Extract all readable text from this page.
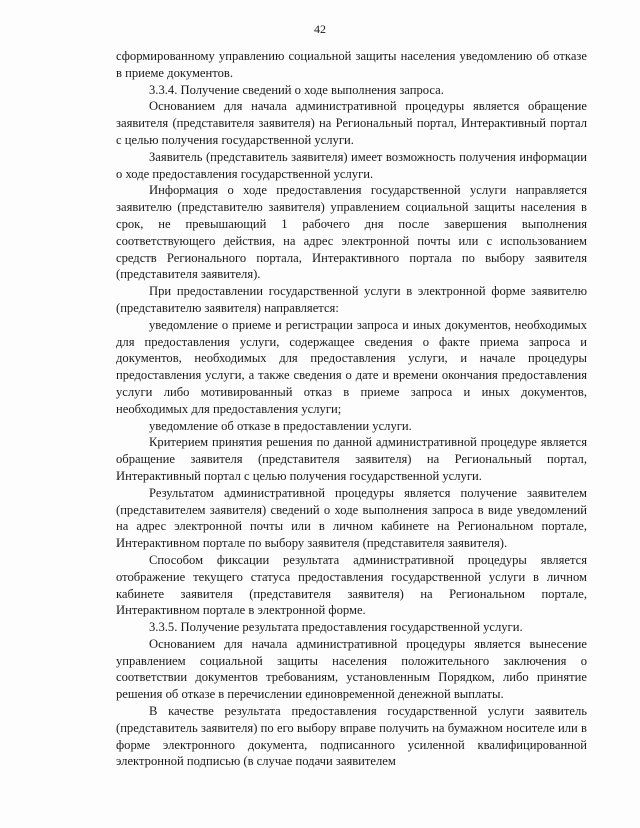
42

сформированному управлению социальной защиты населения уведомлению об отказе в приеме документов.

3.3.4. Получение сведений о ходе выполнения запроса.

Основанием для начала административной процедуры является обращение заявителя (представителя заявителя) на Региональный портал, Интерактивный портал с целью получения государственной услуги.

Заявитель (представитель заявителя) имеет возможность получения информации о ходе предоставления государственной услуги.

Информация о ходе предоставления государственной услуги направляется заявителю (представителю заявителя) управлением социальной защиты населения в срок, не превышающий 1 рабочего дня после завершения выполнения соответствующего действия, на адрес электронной почты или с использованием средств Регионального портала, Интерактивного портала по выбору заявителя (представителя заявителя).

При предоставлении государственной услуги в электронной форме заявителю (представителю заявителя) направляется:

уведомление о приеме и регистрации запроса и иных документов, необходимых для предоставления услуги, содержащее сведения о факте приема запроса и документов, необходимых для предоставления услуги, и начале процедуры предоставления услуги, а также сведения о дате и времени окончания предоставления услуги либо мотивированный отказ в приеме запроса и иных документов, необходимых для предоставления услуги;

уведомление об отказе в предоставлении услуги.

Критерием принятия решения по данной административной процедуре является обращение заявителя (представителя заявителя) на Региональный портал, Интерактивный портал с целью получения государственной услуги.

Результатом административной процедуры является получение заявителем (представителем заявителя) сведений о ходе выполнения запроса в виде уведомлений на адрес электронной почты или в личном кабинете на Региональном портале, Интерактивном портале по выбору заявителя (представителя заявителя).

Способом фиксации результата административной процедуры является отображение текущего статуса предоставления государственной услуги в личном кабинете заявителя (представителя заявителя) на Региональном портале, Интерактивном портале в электронной форме.

3.3.5. Получение результата предоставления государственной услуги.

Основанием для начала административной процедуры является вынесение управлением социальной защиты населения положительного заключения о соответствии документов требованиям, установленным Порядком, либо принятие решения об отказе в перечислении единовременной денежной выплаты.

В качестве результата предоставления государственной услуги заявитель (представитель заявителя) по его выбору вправе получить на бумажном носителе или в форме электронного документа, подписанного усиленной квалифицированной электронной подписью (в случае подачи заявителем
